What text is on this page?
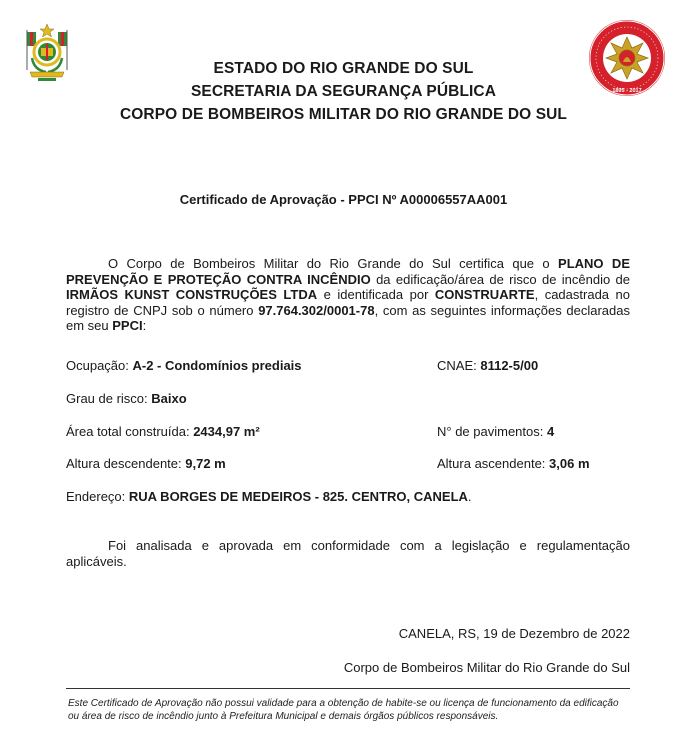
1895 - 2017
ESTADO DO RIO GRANDE DO SUL
SECRETARIA DA SEGURANÇA PÚBLICA
CORPO DE BOMBEIROS MILITAR DO RIO GRANDE DO SUL
Certificado de Aprovação - PPCI Nº A00006557AA001
O Corpo de Bombeiros Militar do Rio Grande do Sul certifica que o PLANO DE PREVENÇÃO E PROTEÇÃO CONTRA INCÊNDIO da edificação/área de risco de incêndio de IRMÃOS KUNST CONSTRUÇÕES LTDA e identificada por CONSTRUARTE, cadastrada no registro de CNPJ sob o número 97.764.302/0001-78, com as seguintes informações declaradas em seu PPCI:
Ocupação: A-2 - Condomínios prediais	CNAE: 8112-5/00
Grau de risco: Baixo
Área total construída: 2434,97 m²	N° de pavimentos: 4
Altura descendente: 9,72 m	Altura ascendente: 3,06 m
Endereço: RUA BORGES DE MEDEIROS - 825. CENTRO, CANELA.
Foi analisada e aprovada em conformidade com a legislação e regulamentação aplicáveis.
CANELA, RS, 19 de Dezembro de 2022
Corpo de Bombeiros Militar do Rio Grande do Sul
Este Certificado de Aprovação não possui validade para a obtenção de habite-se ou licença de funcionamento da edificação ou área de risco de incêndio junto à Prefeitura Municipal e demais órgãos públicos responsáveis.
